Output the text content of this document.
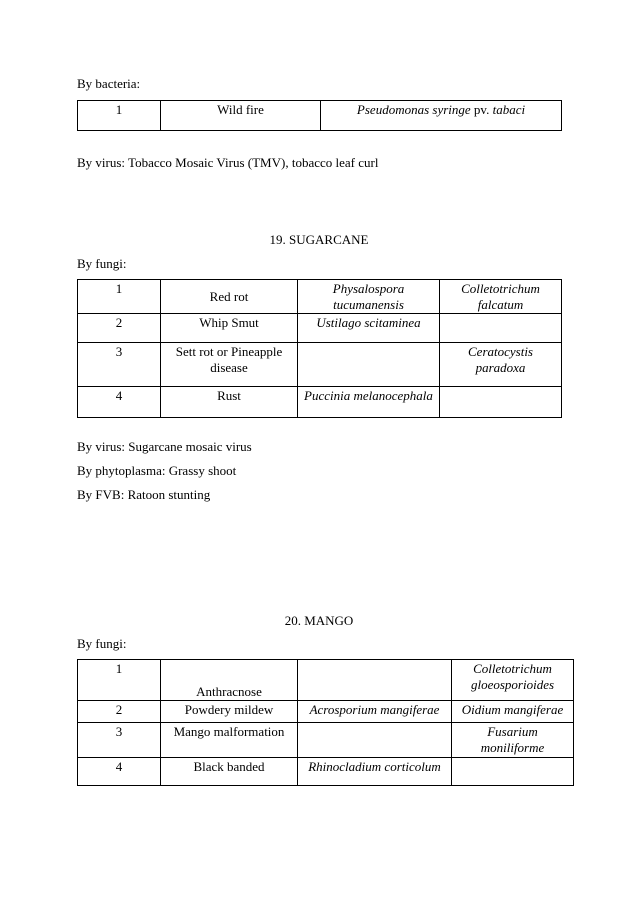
By bacteria:

1	Wild fire	Pseudomonas syringe pv. tabaci

By virus: Tobacco Mosaic Virus (TMV), tobacco leaf curl

19. SUGARCANE

By fungi:

1	Red rot	Physalospora tucumanensis	Colletotrichum falcatum
2	Whip Smut	Ustilago scitaminea	
3	Sett rot or Pineapple disease		Ceratocystis paradoxa
4	Rust	Puccinia melanocephala	

By virus: Sugarcane mosaic virus

By phytoplasma: Grassy shoot

By FVB: Ratoon stunting

20. MANGO

By fungi:

1	Anthracnose		Colletotrichum gloeosporioides
2	Powdery mildew	Acrosporium mangiferae	Oidium mangiferae
3	Mango malformation		Fusarium moniliforme
4	Black banded	Rhinocladium corticolum	
